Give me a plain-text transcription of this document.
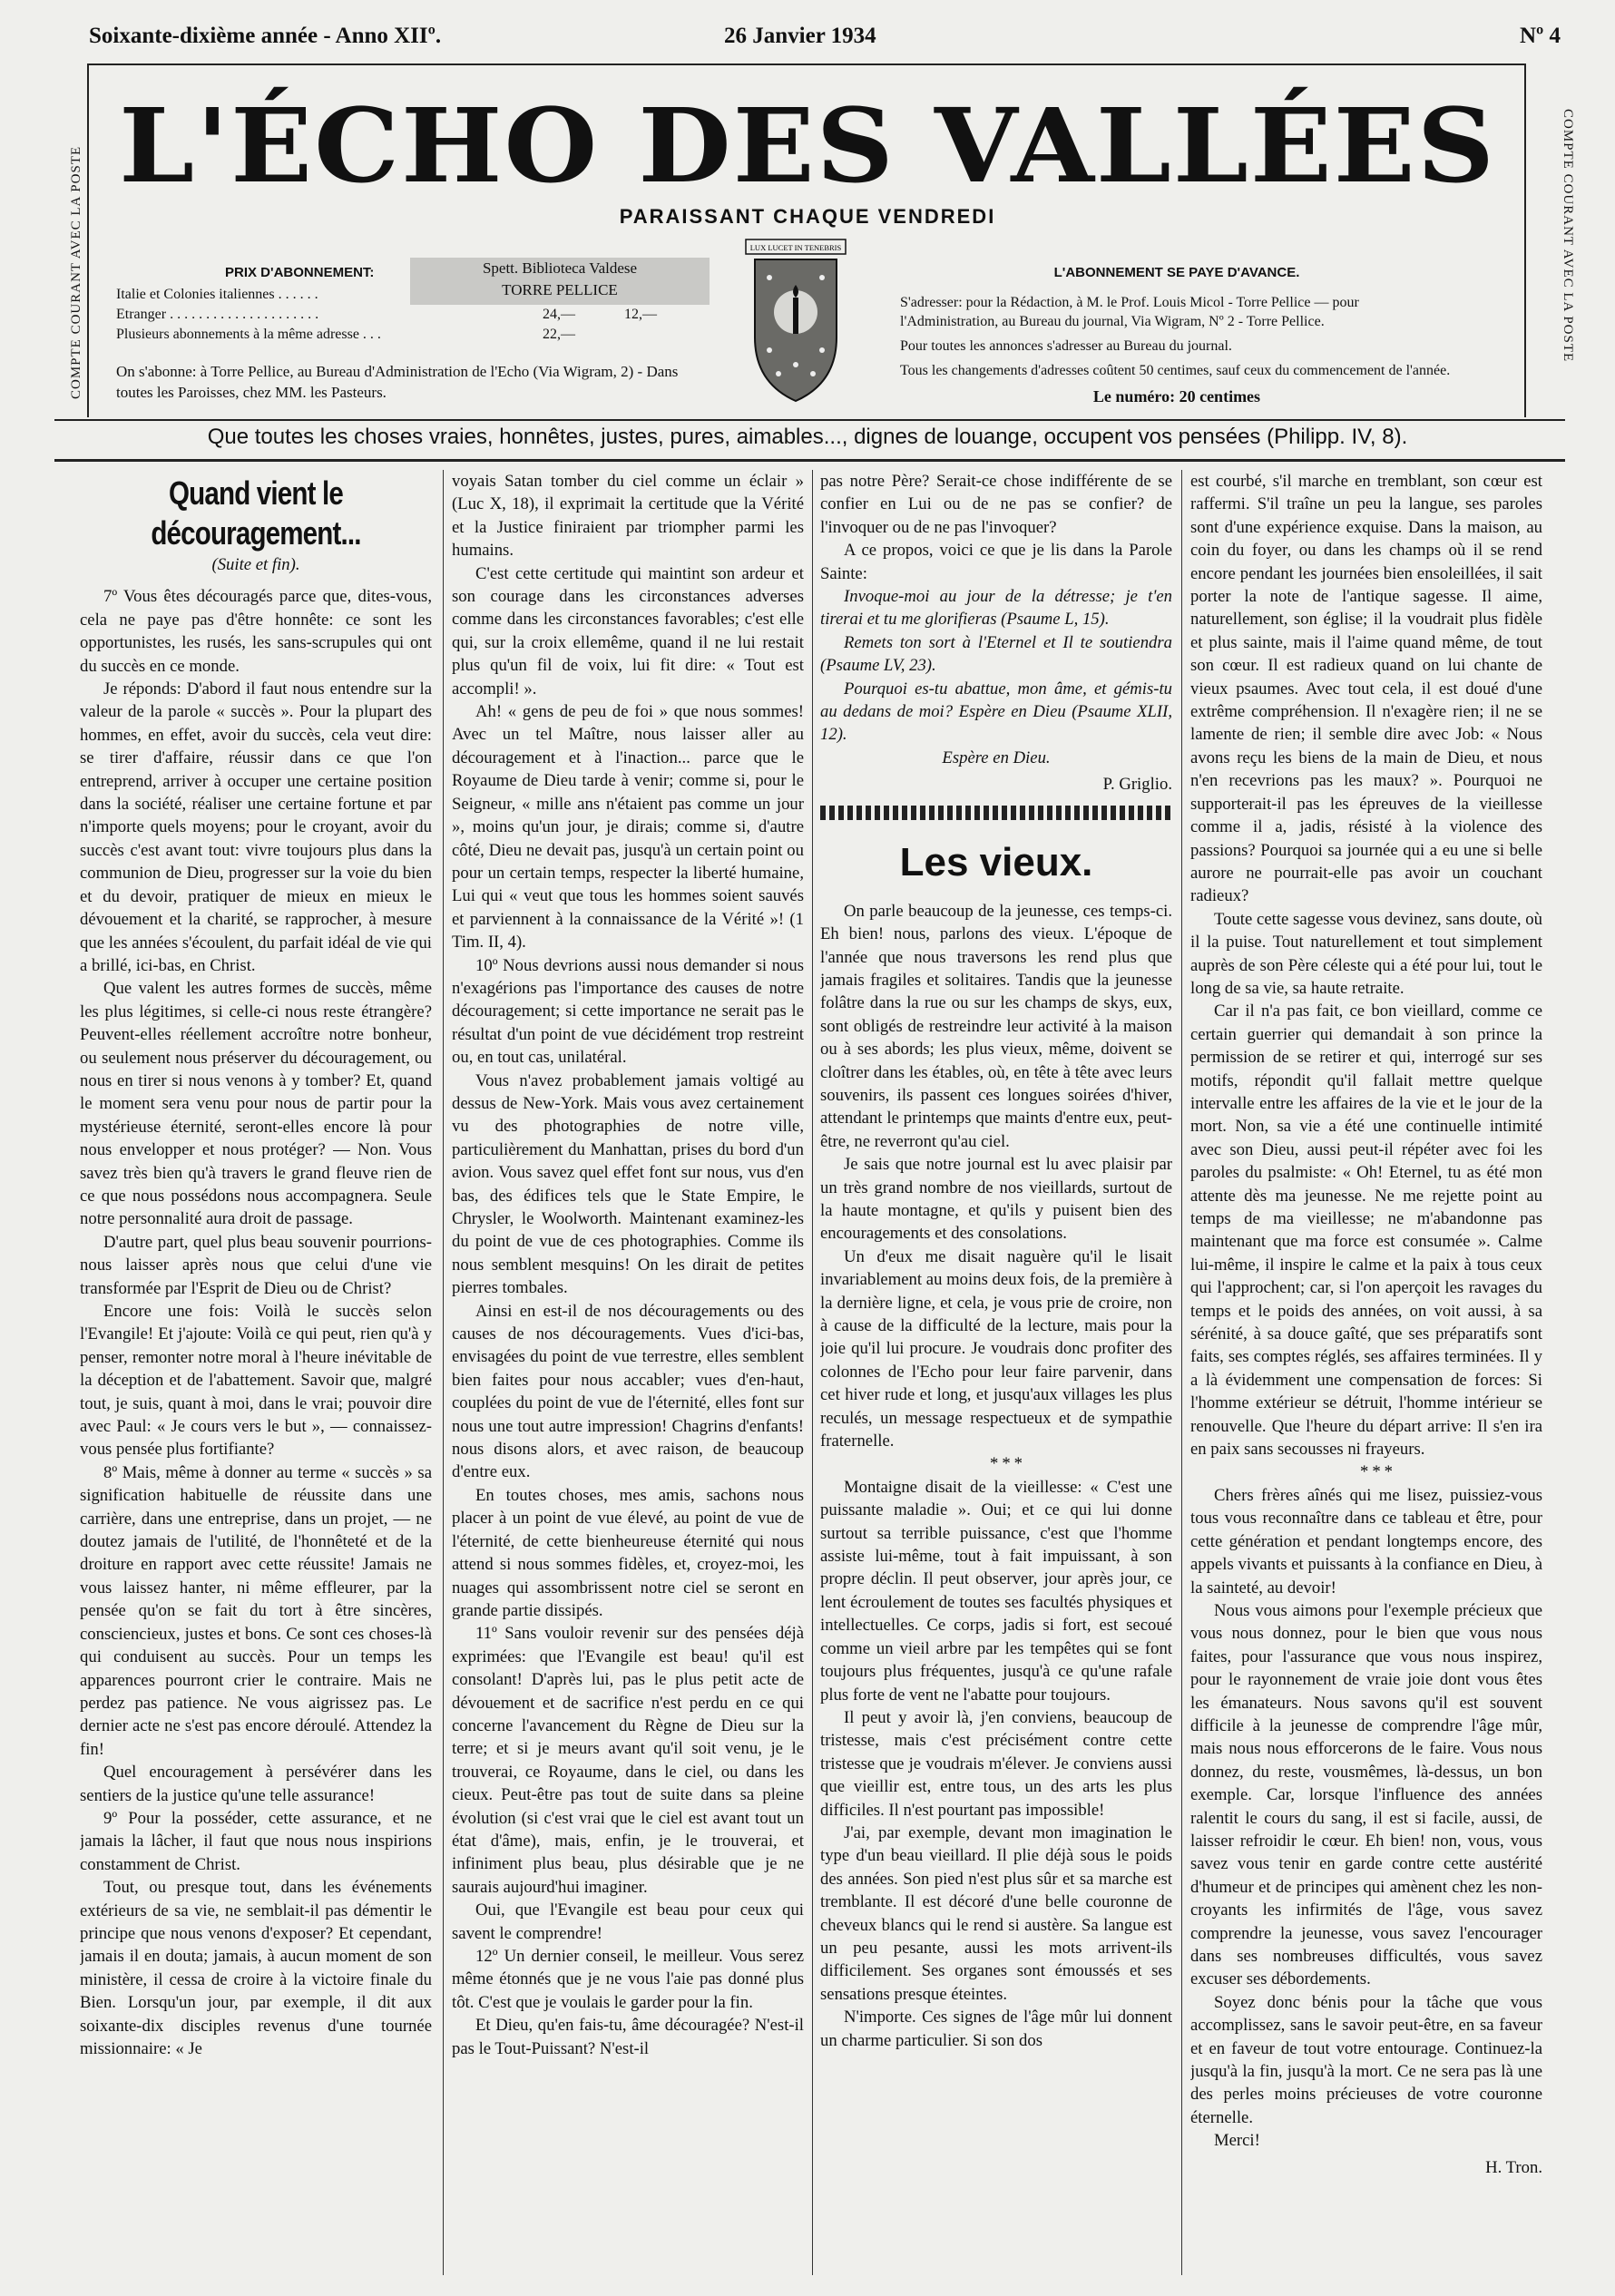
Soixante-dixième année - Anno XIIº.	26 Janvier 1934	Nº 4
COMPTE COURANT AVEC LA POSTE	COMPTE COURANT AVEC LA POSTE
L'ÉCHO DES VALLÉES
PARAISSANT CHAQUE VENDREDI
Spett. Biblioteca Valdese
TORRE PELLICE
PRIX D'ABONNEMENT:
Italie et Colonies italiennes . . . . . .
Etranger . . . . . . . . . . . . . . . . . . . . .	24,—	12,—
Plusieurs abonnements à la même adresse . . .	22,—
On s'abonne: à Torre Pellice, au Bureau d'Administration de l'Echo (Via Wigram, 2) - Dans toutes les Paroisses, chez MM. les Pasteurs.
LUX LUCET IN TENEBRIS
L'ABONNEMENT SE PAYE D'AVANCE.

S'adresser: pour la Rédaction, à M. le Prof. Louis Micol - Torre Pellice — pour l'Administration, au Bureau du journal, Via Wigram, Nº 2 - Torre Pellice.

Pour toutes les annonces s'adresser au Bureau du journal.

Tous les changements d'adresses coûtent 50 centimes, sauf ceux du commencement de l'année.

Le numéro: 20 centimes
Que toutes les choses vraies, honnêtes, justes, pures, aimables..., dignes de louange, occupent vos pensées (Philipp. IV, 8).
Quand vient le découragement...
(Suite et fin).

7º Vous êtes découragés parce que, dites-vous, cela ne paye pas d'être honnête: ce sont les opportunistes, les rusés, les sans-scrupules qui ont du succès en ce monde.

Je réponds: D'abord il faut nous entendre sur la valeur de la parole « succès ». Pour la plupart des hommes, en effet, avoir du succès, cela veut dire: se tirer d'affaire, réussir dans ce que l'on entreprend, arriver à occuper une certaine position dans la société, réaliser une certaine fortune et par n'importe quels moyens; pour le croyant, avoir du succès c'est avant tout: vivre toujours plus dans la communion de Dieu, progresser sur la voie du bien et du devoir, pratiquer de mieux en mieux le dévouement et la charité, se rapprocher, à mesure que les années s'écoulent, du parfait idéal de vie qui a brillé, ici-bas, en Christ.

Que valent les autres formes de succès, même les plus légitimes, si celle-ci nous reste étrangère? Peuvent-elles réellement accroître notre bonheur, ou seulement nous préserver du découragement, ou nous en tirer si nous venons à y tomber? Et, quand le moment sera venu pour nous de partir pour la mystérieuse éternité, seront-elles encore là pour nous envelopper et nous protéger? — Non. Vous savez très bien qu'à travers le grand fleuve rien de ce que nous possédons nous accompagnera. Seule notre personnalité aura droit de passage.

D'autre part, quel plus beau souvenir pourrions-nous laisser après nous que celui d'une vie transformée par l'Esprit de Dieu ou de Christ?

Encore une fois: Voilà le succès selon l'Evangile! Et j'ajoute: Voilà ce qui peut, rien qu'à y penser, remonter notre moral à l'heure inévitable de la déception et de l'abattement. Savoir que, malgré tout, je suis, quant à moi, dans le vrai; pouvoir dire avec Paul: « Je cours vers le but », — connaissez-vous pensée plus fortifiante?

8º Mais, même à donner au terme « succès » sa signification habituelle de réussite dans une carrière, dans une entreprise, dans un projet, — ne doutez jamais de l'utilité, de l'honnêteté et de la droiture en rapport avec cette réussite! Jamais ne vous laissez hanter, ni même effleurer, par la pensée qu'on se fait du tort à être sincères, consciencieux, justes et bons. Ce sont ces choses-là qui conduisent au succès. Pour un temps les apparences pourront crier le contraire. Mais ne perdez pas patience. Ne vous aigrissez pas. Le dernier acte ne s'est pas encore déroulé. Attendez la fin!

Quel encouragement à persévérer dans les sentiers de la justice qu'une telle assurance!

9º Pour la posséder, cette assurance, et ne jamais la lâcher, il faut que nous nous inspirions constamment de Christ.

Tout, ou presque tout, dans les événements extérieurs de sa vie, ne semblait-il pas démentir le principe que nous venons d'exposer? Et cependant, jamais il en douta; jamais, à aucun moment de son ministère, il cessa de croire à la victoire finale du Bien. Lorsqu'un jour, par exemple, il dit aux soixante-dix disciples revenus d'une tournée missionnaire: « Je

voyais Satan tomber du ciel comme un éclair » (Luc X, 18), il exprimait la certitude que la Vérité et la Justice finiraient par triompher parmi les humains.

C'est cette certitude qui maintint son ardeur et son courage dans les circonstances adverses comme dans les circonstances favorables; c'est elle qui, sur la croix ellemême, quand il ne lui restait plus qu'un fil de voix, lui fit dire: « Tout est accompli! ».

Ah! « gens de peu de foi » que nous sommes! Avec un tel Maître, nous laisser aller au découragement et à l'inaction... parce que le Royaume de Dieu tarde à venir; comme si, pour le Seigneur, « mille ans n'étaient pas comme un jour », moins qu'un jour, je dirais; comme si, d'autre côté, Dieu ne devait pas, jusqu'à un certain point ou pour un certain temps, respecter la liberté humaine, Lui qui « veut que tous les hommes soient sauvés et parviennent à la connaissance de la Vérité »! (1 Tim. II, 4).

10º Nous devrions aussi nous demander si nous n'exagérions pas l'importance des causes de notre découragement; si cette importance ne serait pas le résultat d'un point de vue décidément trop restreint ou, en tout cas, unilatéral.

Vous n'avez probablement jamais voltigé au dessus de New-York. Mais vous avez certainement vu des photographies de notre ville, particulièrement du Manhattan, prises du bord d'un avion. Vous savez quel effet font sur nous, vus d'en bas, des édifices tels que le State Empire, le Chrysler, le Woolworth. Maintenant examinez-les du point de vue de ces photographies. Comme ils nous semblent mesquins! On les dirait de petites pierres tombales.

Ainsi en est-il de nos découragements ou des causes de nos découragements. Vues d'ici-bas, envisagées du point de vue terrestre, elles semblent bien faites pour nous accabler; vues d'en-haut, couplées du point de vue de l'éternité, elles font sur nous une tout autre impression! Chagrins d'enfants! nous disons alors, et avec raison, de beaucoup d'entre eux.

En toutes choses, mes amis, sachons nous placer à un point de vue élevé, au point de vue de l'éternité, de cette bienheureuse éternité qui nous attend si nous sommes fidèles, et, croyez-moi, les nuages qui assombrissent notre ciel se seront en grande partie dissipés.

11º Sans vouloir revenir sur des pensées déjà exprimées: que l'Evangile est beau! qu'il est consolant! D'après lui, pas le plus petit acte de dévouement et de sacrifice n'est perdu en ce qui concerne l'avancement du Règne de Dieu sur la terre; et si je meurs avant qu'il soit venu, je le trouverai, ce Royaume, dans le ciel, ou dans les cieux. Peut-être pas tout de suite dans sa pleine évolution (si c'est vrai que le ciel est avant tout un état d'âme), mais, enfin, je le trouverai, et infiniment plus beau, plus désirable que je ne saurais aujourd'hui imaginer.

Oui, que l'Evangile est beau pour ceux qui savent le comprendre!

12º Un dernier conseil, le meilleur. Vous serez même étonnés que je ne vous l'aie pas donné plus tôt. C'est que je voulais le garder pour la fin.

Et Dieu, qu'en fais-tu, âme découragée? N'est-il pas le Tout-Puissant? N'est-il

pas notre Père? Serait-ce chose indifférente de se confier en Lui ou de ne pas se confier? de l'invoquer ou de ne pas l'invoquer?

A ce propos, voici ce que je lis dans la Parole Sainte:

Invoque-moi au jour de la détresse; je t'en tirerai et tu me glorifieras (Psaume L, 15).

Remets ton sort à l'Eternel et Il te soutiendra (Psaume LV, 23).

Pourquoi es-tu abattue, mon âme, et gémis-tu au dedans de moi? Espère en Dieu (Psaume XLII, 12).

Espère en Dieu.

P. Griglio.

Les vieux.

On parle beaucoup de la jeunesse, ces temps-ci. Eh bien! nous, parlons des vieux. L'époque de l'année que nous traversons les rend plus que jamais fragiles et solitaires. Tandis que la jeunesse folâtre dans la rue ou sur les champs de skys, eux, sont obligés de restreindre leur activité à la maison ou à ses abords; les plus vieux, même, doivent se cloîtrer dans les étables, où, en tête à tête avec leurs souvenirs, ils passent ces longues soirées d'hiver, attendant le printemps que maints d'entre eux, peut-être, ne reverront qu'au ciel.

Je sais que notre journal est lu avec plaisir par un très grand nombre de nos vieillards, surtout de la haute montagne, et qu'ils y puisent bien des encouragements et des consolations.

Un d'eux me disait naguère qu'il le lisait invariablement au moins deux fois, de la première à la dernière ligne, et cela, je vous prie de croire, non à cause de la difficulté de la lecture, mais pour la joie qu'il lui procure. Je voudrais donc profiter des colonnes de l'Echo pour leur faire parvenir, dans cet hiver rude et long, et jusqu'aux villages les plus reculés, un message respectueux et de sympathie fraternelle.

***

Montaigne disait de la vieillesse: « C'est une puissante maladie ». Oui; et ce qui lui donne surtout sa terrible puissance, c'est que l'homme assiste lui-même, tout à fait impuissant, à son propre déclin. Il peut observer, jour après jour, ce lent écroulement de toutes ses facultés physiques et intellectuelles. Ce corps, jadis si fort, est secoué comme un vieil arbre par les tempêtes qui se font toujours plus fréquentes, jusqu'à ce qu'une rafale plus forte de vent ne l'abatte pour toujours.

Il peut y avoir là, j'en conviens, beaucoup de tristesse, mais c'est précisément contre cette tristesse que je voudrais m'élever. Je conviens aussi que vieillir est, entre tous, un des arts les plus difficiles. Il n'est pourtant pas impossible!

J'ai, par exemple, devant mon imagination le type d'un beau vieillard. Il plie déjà sous le poids des années. Son pied n'est plus sûr et sa marche est tremblante. Il est décoré d'une belle couronne de cheveux blancs qui le rend si austère. Sa langue est un peu pesante, aussi les mots arrivent-ils difficilement. Ses organes sont émoussés et ses sensations presque éteintes.

N'importe. Ces signes de l'âge mûr lui donnent un charme particulier. Si son dos

est courbé, s'il marche en tremblant, son cœur est raffermi. S'il traîne un peu la langue, ses paroles sont d'une expérience exquise. Dans la maison, au coin du foyer, ou dans les champs où il se rend encore pendant les journées bien ensoleillées, il sait porter la note de l'antique sagesse. Il aime, naturellement, son église; il la voudrait plus fidèle et plus sainte, mais il l'aime quand même, de tout son cœur. Il est radieux quand on lui chante de vieux psaumes. Avec tout cela, il est doué d'une extrême compréhension. Il n'exagère rien; il ne se lamente de rien; il semble dire avec Job: « Nous avons reçu les biens de la main de Dieu, et nous n'en recevrions pas les maux? ». Pourquoi ne supporterait-il pas les épreuves de la vieillesse comme il a, jadis, résisté à la violence des passions? Pourquoi sa journée qui a eu une si belle aurore ne pourrait-elle pas avoir un couchant radieux?

Toute cette sagesse vous devinez, sans doute, où il la puise. Tout naturellement et tout simplement auprès de son Père céleste qui a été pour lui, tout le long de sa vie, sa haute retraite.

Car il n'a pas fait, ce bon vieillard, comme ce certain guerrier qui demandait à son prince la permission de se retirer et qui, interrogé sur ses motifs, répondit qu'il fallait mettre quelque intervalle entre les affaires de la vie et le jour de la mort. Non, sa vie a été une continuelle intimité avec son Dieu, aussi peut-il répéter avec foi les paroles du psalmiste: « Oh! Eternel, tu as été mon attente dès ma jeunesse. Ne me rejette point au temps de ma vieillesse; ne m'abandonne pas maintenant que ma force est consumée ». Calme lui-même, il inspire le calme et la paix à tous ceux qui l'approchent; car, si l'on aperçoit les ravages du temps et le poids des années, on voit aussi, à sa sérénité, à sa douce gaîté, que ses préparatifs sont faits, ses comptes réglés, ses affaires terminées. Il y a là évidemment une compensation de forces: Si l'homme extérieur se détruit, l'homme intérieur se renouvelle. Que l'heure du départ arrive: Il s'en ira en paix sans secousses ni frayeurs.

***

Chers frères aînés qui me lisez, puissiez-vous tous vous reconnaître dans ce tableau et être, pour cette génération et pendant longtemps encore, des appels vivants et puissants à la confiance en Dieu, à la sainteté, au devoir!

Nous vous aimons pour l'exemple précieux que vous nous donnez, pour le bien que vous nous faites, pour l'assurance que vous nous inspirez, pour le rayonnement de vraie joie dont vous êtes les émanateurs. Nous savons qu'il est souvent difficile à la jeunesse de comprendre l'âge mûr, mais nous nous efforcerons de le faire. Vous nous donnez, du reste, vousmêmes, là-dessus, un bon exemple. Car, lorsque l'influence des années ralentit le cours du sang, il est si facile, aussi, de laisser refroidir le cœur. Eh bien! non, vous, vous savez vous tenir en garde contre cette austérité d'humeur et de principes qui amènent chez les non-croyants les infirmités de l'âge, vous savez comprendre la jeunesse, vous savez l'encourager dans ses nombreuses difficultés, vous savez excuser ses débordements.

Soyez donc bénis pour la tâche que vous accomplissez, sans le savoir peut-être, en sa faveur et en faveur de tout votre entourage. Continuez-la jusqu'à la fin, jusqu'à la mort. Ce ne sera pas là une des perles moins précieuses de votre couronne éternelle.

Merci!

H. Tron.
